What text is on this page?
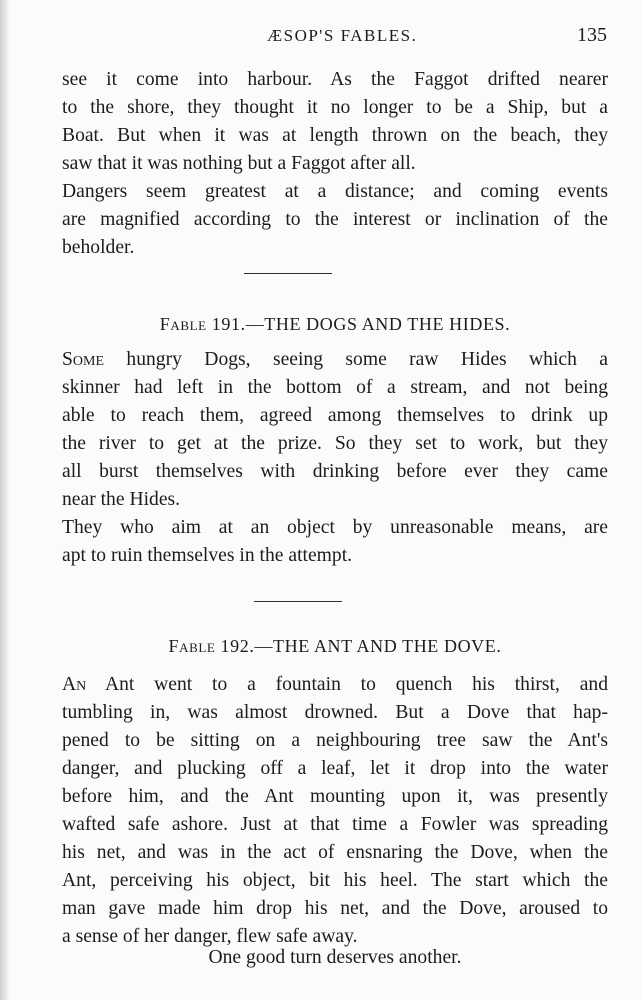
ÆSOP'S FABLES.	135
see it come into harbour. As the Faggot drifted nearer
to the shore, they thought it no longer to be a Ship, but a
Boat. But when it was at length thrown on the beach, they
saw that it was nothing but a Faggot after all.
Dangers seem greatest at a distance; and coming events
are magnified according to the interest or inclination of the
beholder.
Fable 191.—THE DOGS AND THE HIDES.
Some hungry Dogs, seeing some raw Hides which a
skinner had left in the bottom of a stream, and not being
able to reach them, agreed among themselves to drink up
the river to get at the prize. So they set to work, but they
all burst themselves with drinking before ever they came
near the Hides.
They who aim at an object by unreasonable means, are
apt to ruin themselves in the attempt.
Fable 192.—THE ANT AND THE DOVE.
An Ant went to a fountain to quench his thirst, and
tumbling in, was almost drowned. But a Dove that hap-
pened to be sitting on a neighbouring tree saw the Ant's
danger, and plucking off a leaf, let it drop into the water
before him, and the Ant mounting upon it, was presently
wafted safe ashore. Just at that time a Fowler was spreading
his net, and was in the act of ensnaring the Dove, when the
Ant, perceiving his object, bit his heel. The start which the
man gave made him drop his net, and the Dove, aroused to
a sense of her danger, flew safe away.
One good turn deserves another.
